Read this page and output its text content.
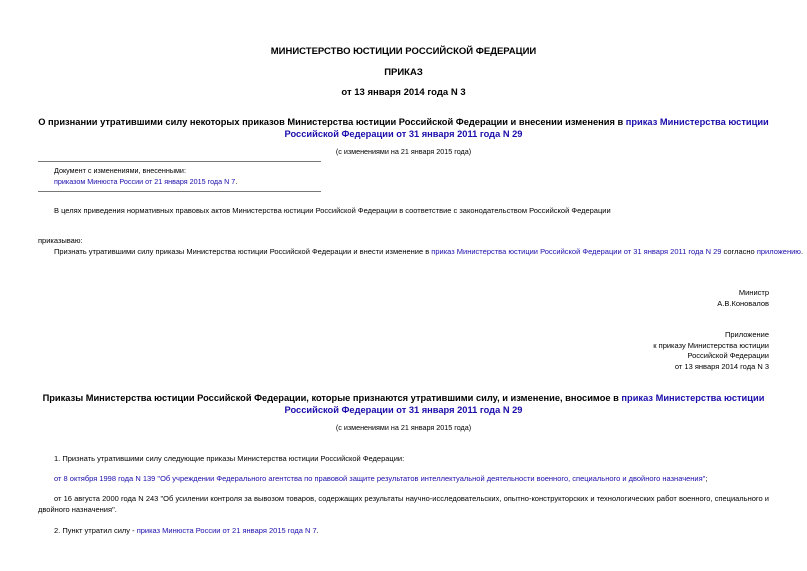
МИНИСТЕРСТВО ЮСТИЦИИ РОССИЙСКОЙ ФЕДЕРАЦИИ
ПРИКАЗ
от 13 января 2014 года N 3
О признании утратившими силу некоторых приказов Министерства юстиции Российской Федерации и внесении изменения в приказ Министерства юстиции
Российской Федерации от 31 января 2011 года N 29
(с изменениями на 21 января 2015 года)
Документ с изменениями, внесенными:
приказом Минюста России от 21 января 2015 года N 7.
В целях приведения нормативных правовых актов Министерства юстиции Российской Федерации в соответствие с законодательством Российской Федерации
приказываю:
Признать утратившими силу приказы Министерства юстиции Российской Федерации и внести изменение в приказ Министерства юстиции Российской Федерации от 31 января 2011 года N 29 согласно приложению.
Министр
А.В.Коновалов
Приложение
к приказу Министерства юстиции
Российской Федерации
от 13 января 2014 года N 3
Приказы Министерства юстиции Российской Федерации, которые признаются утратившими силу, и изменение, вносимое в приказ Министерства юстиции
Российской Федерации от 31 января 2011 года N 29
(с изменениями на 21 января 2015 года)
1. Признать утратившими силу следующие приказы Министерства юстиции Российской Федерации:
от 8 октября 1998 года N 139 "Об учреждении Федерального агентства по правовой защите результатов интеллектуальной деятельности военного, специального и двойного назначения";
от 16 августа 2000 года N 243 "Об усилении контроля за вывозом товаров, содержащих результаты научно-исследовательских, опытно-конструкторских и технологических работ военного, специального и двойного назначения".
2. Пункт утратил силу - приказ Минюста России от 21 января 2015 года N 7.
